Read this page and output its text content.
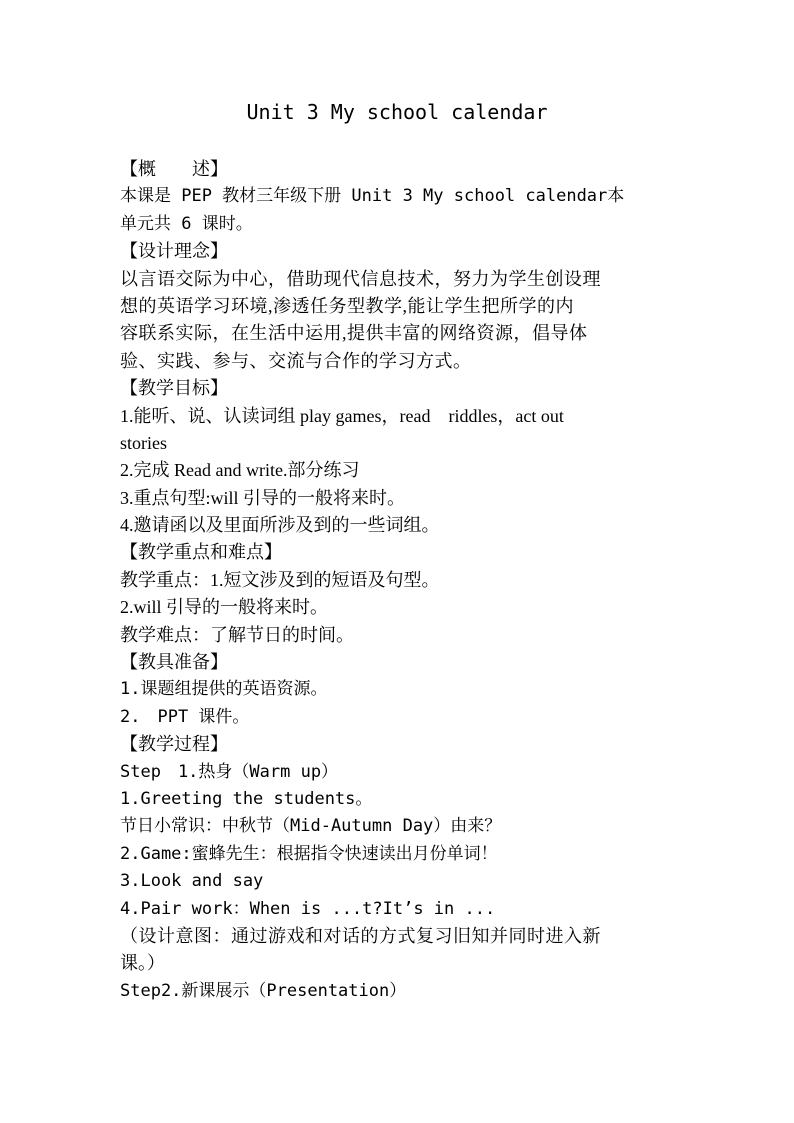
Unit 3 My school calendar
【概　　述】
本课是 PEP 教材三年级下册 Unit 3 My school calendar本
单元共 6 课时。
【设计理念】
以言语交际为中心，借助现代信息技术，努力为学生创设理
想的英语学习环境,渗透任务型教学,能让学生把所学的内
容联系实际，在生活中运用,提供丰富的网络资源，倡导体
验、实践、参与、交流与合作的学习方式。
【教学目标】
1.能听、说、认读词组 play games，read　riddles，act out
stories
2.完成 Read and write.部分练习
3.重点句型:will 引导的一般将来时。
4.邀请函以及里面所涉及到的一些词组。
【教学重点和难点】
教学重点：1.短文涉及到的短语及句型。
2.will 引导的一般将来时。
教学难点：了解节日的时间。
【教具准备】
1.课题组提供的英语资源。
2.　PPT 课件。
【教学过程】
Step　1.热身（Warm up）
1.Greeting the students。
节日小常识：中秋节（Mid-Autumn Day）由来？
2.Game:蜜蜂先生：根据指令快速读出月份单词！
3.Look and say
4.Pair work：When is ...t?It’s in ...
（设计意图：通过游戏和对话的方式复习旧知并同时进入新
课。）
Step2.新课展示（Presentation）
